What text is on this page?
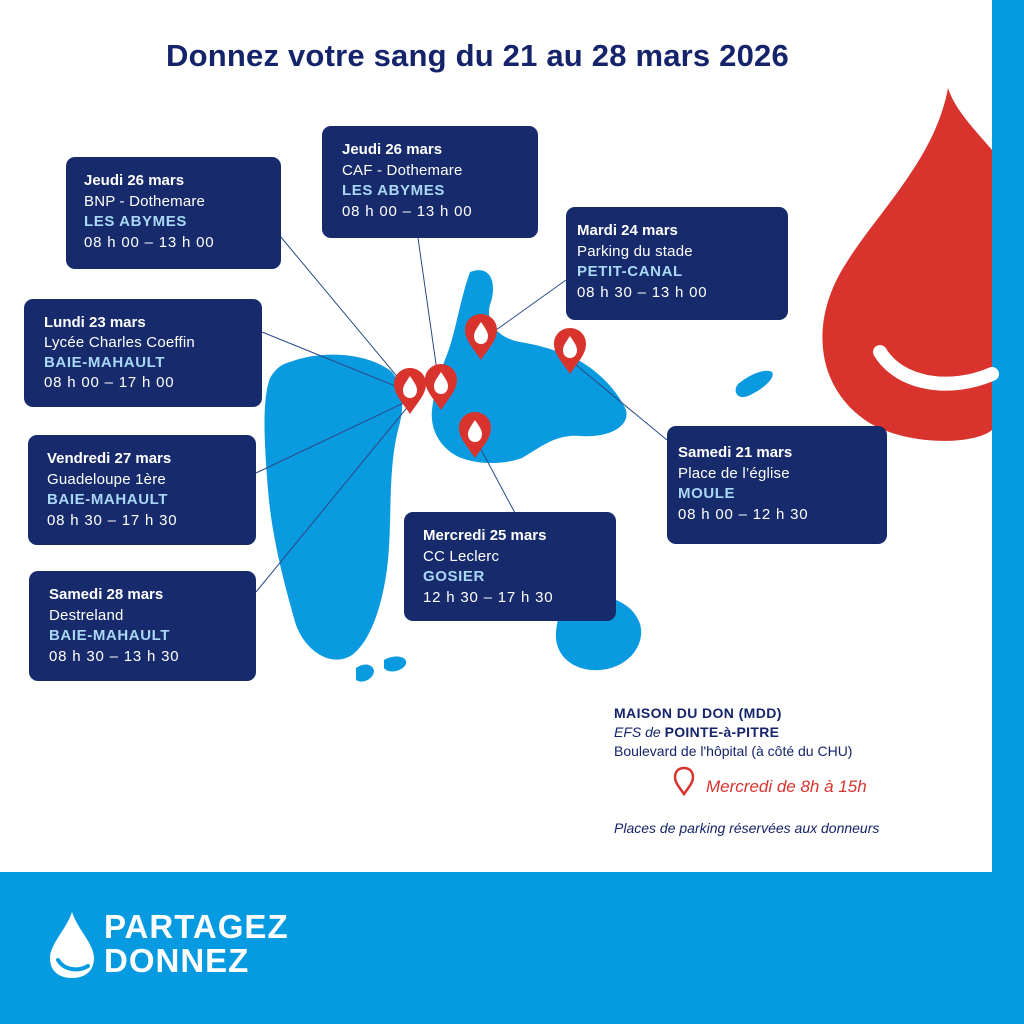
Donnez votre sang du 21 au 28 mars 2026
Jeudi 26 mars
BNP - Dothemare
LES ABYMES
08 h 00 – 13 h 00
Jeudi 26 mars
CAF - Dothemare
LES ABYMES
08 h 00 – 13 h 00
Mardi 24 mars
Parking du stade
PETIT-CANAL
08 h 30 – 13 h 00
Lundi 23 mars
Lycée Charles Coeffin
BAIE-MAHAULT
08 h 00 – 17 h 00
Vendredi 27 mars
Guadeloupe 1ère
BAIE-MAHAULT
08 h 30 – 17 h 30
Samedi 28 mars
Destreland
BAIE-MAHAULT
08 h 30 – 13 h 30
Mercredi 25 mars
CC Leclerc
GOSIER
12 h 30 – 17 h 30
Samedi 21 mars
Place de l’église
MOULE
08 h 00 – 12 h 30
MAISON DU DON (MDD)
EFS de POINTE-à-PITRE
Boulevard de l'hôpital (à côté du CHU)
Mercredi de 8h à 15h
Places de parking réservées aux donneurs
PARTAGEZ
DONNEZ
